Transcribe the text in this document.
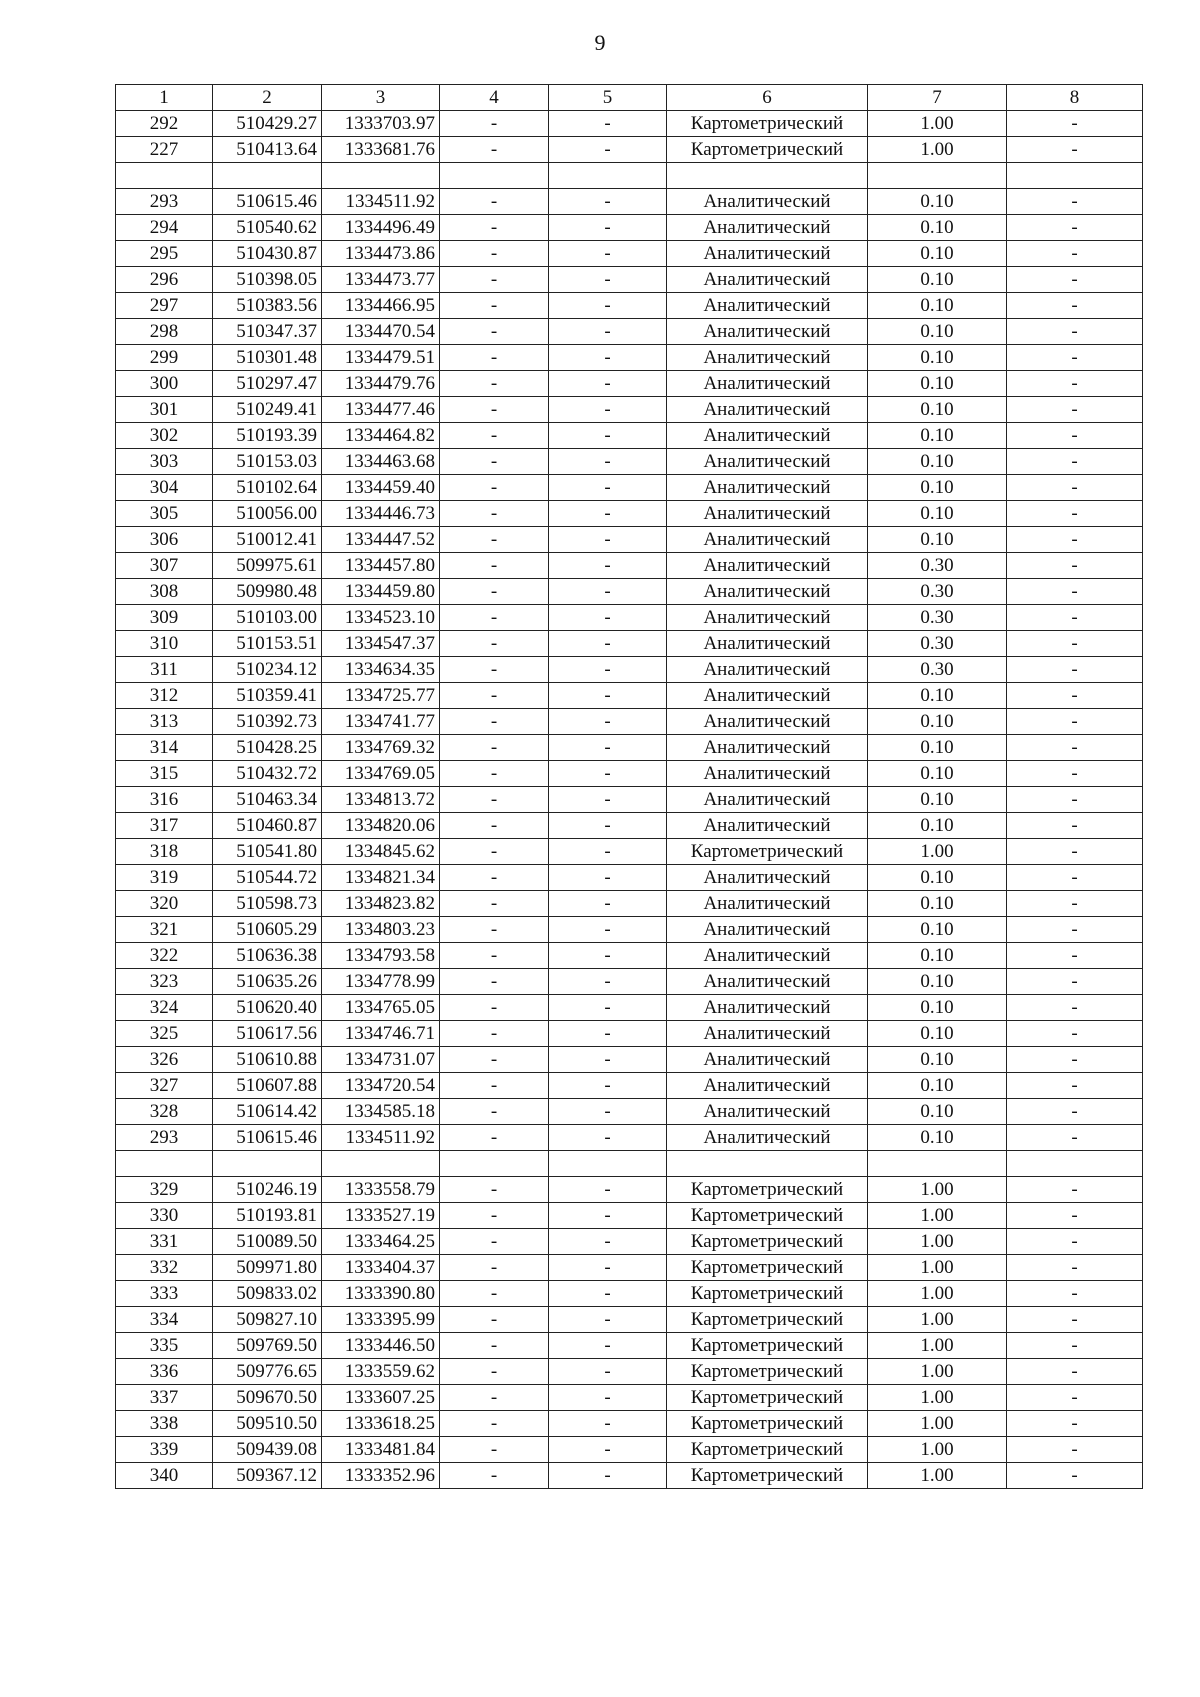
9
1	2	3	4	5	6	7	8
292	510429.27	1333703.97	-	-	Картометрический	1.00	-
227	510413.64	1333681.76	-	-	Картометрический	1.00	-

293	510615.46	1334511.92	-	-	Аналитический	0.10	-
294	510540.62	1334496.49	-	-	Аналитический	0.10	-
295	510430.87	1334473.86	-	-	Аналитический	0.10	-
296	510398.05	1334473.77	-	-	Аналитический	0.10	-
297	510383.56	1334466.95	-	-	Аналитический	0.10	-
298	510347.37	1334470.54	-	-	Аналитический	0.10	-
299	510301.48	1334479.51	-	-	Аналитический	0.10	-
300	510297.47	1334479.76	-	-	Аналитический	0.10	-
301	510249.41	1334477.46	-	-	Аналитический	0.10	-
302	510193.39	1334464.82	-	-	Аналитический	0.10	-
303	510153.03	1334463.68	-	-	Аналитический	0.10	-
304	510102.64	1334459.40	-	-	Аналитический	0.10	-
305	510056.00	1334446.73	-	-	Аналитический	0.10	-
306	510012.41	1334447.52	-	-	Аналитический	0.10	-
307	509975.61	1334457.80	-	-	Аналитический	0.30	-
308	509980.48	1334459.80	-	-	Аналитический	0.30	-
309	510103.00	1334523.10	-	-	Аналитический	0.30	-
310	510153.51	1334547.37	-	-	Аналитический	0.30	-
311	510234.12	1334634.35	-	-	Аналитический	0.30	-
312	510359.41	1334725.77	-	-	Аналитический	0.10	-
313	510392.73	1334741.77	-	-	Аналитический	0.10	-
314	510428.25	1334769.32	-	-	Аналитический	0.10	-
315	510432.72	1334769.05	-	-	Аналитический	0.10	-
316	510463.34	1334813.72	-	-	Аналитический	0.10	-
317	510460.87	1334820.06	-	-	Аналитический	0.10	-
318	510541.80	1334845.62	-	-	Картометрический	1.00	-
319	510544.72	1334821.34	-	-	Аналитический	0.10	-
320	510598.73	1334823.82	-	-	Аналитический	0.10	-
321	510605.29	1334803.23	-	-	Аналитический	0.10	-
322	510636.38	1334793.58	-	-	Аналитический	0.10	-
323	510635.26	1334778.99	-	-	Аналитический	0.10	-
324	510620.40	1334765.05	-	-	Аналитический	0.10	-
325	510617.56	1334746.71	-	-	Аналитический	0.10	-
326	510610.88	1334731.07	-	-	Аналитический	0.10	-
327	510607.88	1334720.54	-	-	Аналитический	0.10	-
328	510614.42	1334585.18	-	-	Аналитический	0.10	-
293	510615.46	1334511.92	-	-	Аналитический	0.10	-

329	510246.19	1333558.79	-	-	Картометрический	1.00	-
330	510193.81	1333527.19	-	-	Картометрический	1.00	-
331	510089.50	1333464.25	-	-	Картометрический	1.00	-
332	509971.80	1333404.37	-	-	Картометрический	1.00	-
333	509833.02	1333390.80	-	-	Картометрический	1.00	-
334	509827.10	1333395.99	-	-	Картометрический	1.00	-
335	509769.50	1333446.50	-	-	Картометрический	1.00	-
336	509776.65	1333559.62	-	-	Картометрический	1.00	-
337	509670.50	1333607.25	-	-	Картометрический	1.00	-
338	509510.50	1333618.25	-	-	Картометрический	1.00	-
339	509439.08	1333481.84	-	-	Картометрический	1.00	-
340	509367.12	1333352.96	-	-	Картометрический	1.00	-
